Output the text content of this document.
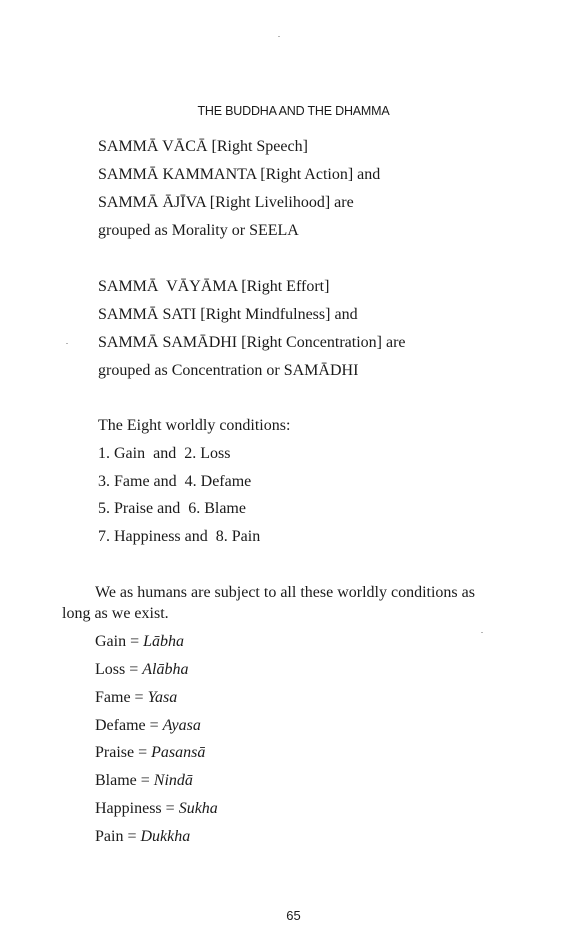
THE BUDDHA AND THE DHAMMA
SAMMĀ VĀCĀ [Right Speech]
SAMMĀ KAMMANTA [Right Action] and
SAMMĀ ĀJĪVA [Right Livelihood] are
grouped as Morality or SEELA
SAMMĀ  VĀYĀMA [Right Effort]
SAMMĀ SATI [Right Mindfulness] and
SAMMĀ SAMĀDHI [Right Concentration] are
grouped as Concentration or SAMĀDHI
The Eight worldly conditions:
1. Gain  and  2. Loss
3. Fame and  4. Defame
5. Praise and  6. Blame
7. Happiness and  8. Pain
We as humans are subject to all these worldly conditions as
long as we exist.
Gain = Lābha
Loss = Alābha
Fame = Yasa
Defame = Ayasa
Praise = Pasansā
Blame = Nindā
Happiness = Sukha
Pain = Dukkha
65
